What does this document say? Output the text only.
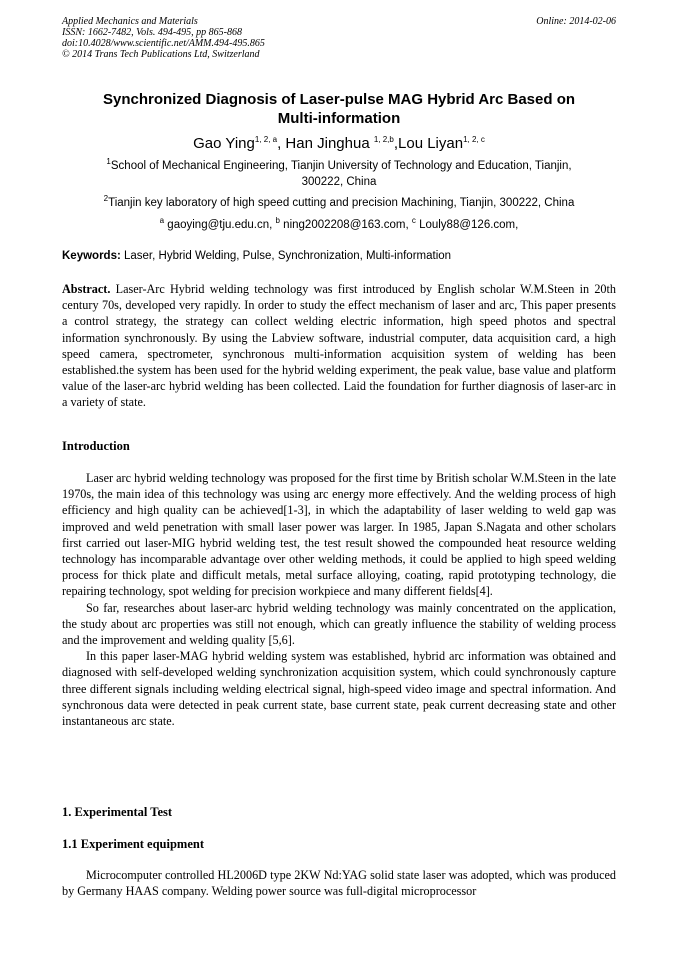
Applied Mechanics and Materials
ISSN: 1662-7482, Vols. 494-495, pp 865-868
doi:10.4028/www.scientific.net/AMM.494-495.865
© 2014 Trans Tech Publications Ltd, Switzerland
Online: 2014-02-06
Synchronized Diagnosis of Laser-pulse MAG Hybrid Arc Based on
Multi-information
Gao Ying$^{1, 2, a}$, Han Jinghua $^{1, 2,b}$,Lou Liyan$^{1, 2, c}$
$^1$School of Mechanical Engineering, Tianjin University of Technology and Education, Tianjin,
300222, China
$^2$Tianjin key laboratory of high speed cutting and precision Machining, Tianjin, 300222, China
$^a$ gaoying@tju.edu.cn, $^b$ ning2002208@163.com, $^c$ Louly88@126.com,
Keywords: Laser, Hybrid Welding, Pulse, Synchronization, Multi-information
Abstract. Laser-Arc Hybrid welding technology was first introduced by English scholar W.M.Steen in 20th century 70s, developed very rapidly. In order to study the effect mechanism of laser and arc, This paper presents a control strategy, the strategy can collect welding electric information, high speed photos and spectral information synchronously. By using the Labview software, industrial computer, data acquisition card, a high speed camera, spectrometer, synchronous multi-information acquisition system of welding has been established.the system has been used for the hybrid welding experiment, the peak value, base value and platform value of the laser-arc hybrid welding has been collected. Laid the foundation for further diagnosis of laser-arc in a variety of state.
Introduction

Laser arc hybrid welding technology was proposed for the first time by British scholar W.M.Steen in the late 1970s, the main idea of this technology was using arc energy more effectively. And the welding process of high efficiency and high quality can be achieved[1-3], in which the adaptability of laser welding to weld gap was improved and weld penetration with small laser power was larger. In 1985, Japan S.Nagata and other scholars first carried out laser-MIG hybrid welding test, the test result showed the compounded heat resource welding technology has incomparable advantage over other welding methods, it could be applied to high speed welding process for thick plate and difficult metals, metal surface alloying, coating, rapid prototyping technology, die repairing technology, spot welding for precision workpiece and many different fields[4].

So far, researches about laser-arc hybrid welding technology was mainly concentrated on the application, the study about arc properties was still not enough, which can greatly influence the stability of welding process and the improvement and welding quality [5,6].

In this paper laser-MAG hybrid welding system was established, hybrid arc information was obtained and diagnosed with self-developed welding synchronization acquisition system, which could synchronously capture three different signals including welding electrical signal, high-speed video image and spectral information. And synchronous data were detected in peak current state, base current state, peak current decreasing state and other instantaneous arc state.

1. Experimental Test
1.1 Experiment equipment

Microcomputer controlled HL2006D type 2KW Nd:YAG solid state laser was adopted, which was produced by Germany HAAS company. Welding power source was full-digital microprocessor
